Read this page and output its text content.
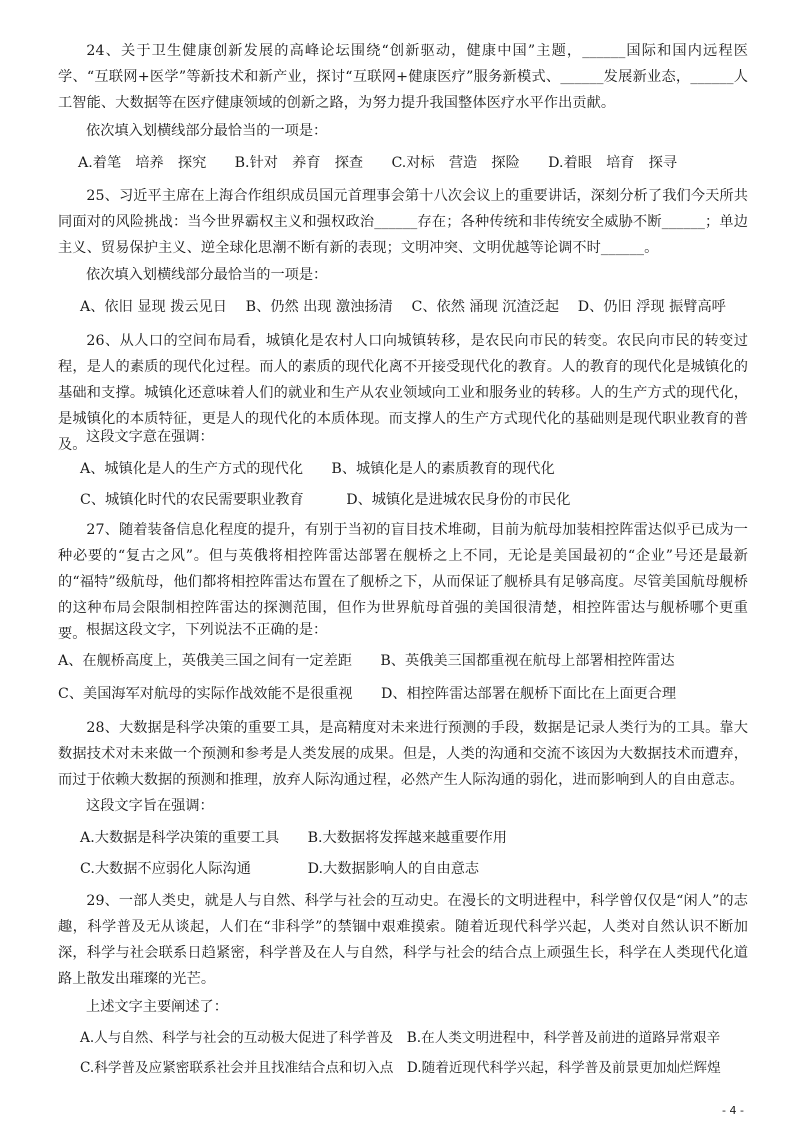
24、关于卫生健康创新发展的高峰论坛围绕“创新驱动，健康中国”主题，______国际和国内远程医学、“互联网+医学”等新技术和新产业，探讨“互联网+健康医疗”服务新模式、______发展新业态，______人工智能、大数据等在医疗健康领域的创新之路，为努力提升我国整体医疗水平作出贡献。

依次填入划横线部分最恰当的一项是：

A.着笔　培养　探究　　B.针对　养育　探查　　C.对标　营造　探险　　D.着眼　培育　探寻

25、习近平主席在上海合作组织成员国元首理事会第十八次会议上的重要讲话，深刻分析了我们今天所共同面对的风险挑战：当今世界霸权主义和强权政治______存在；各种传统和非传统安全威胁不断______；单边主义、贸易保护主义、逆全球化思潮不断有新的表现；文明冲突、文明优越等论调不时______。

依次填入划横线部分最恰当的一项是：

A、依旧 显现 拨云见日　 B、仍然 出现 激浊扬清　 C、依然 涌现 沉渣泛起　 D、仍旧 浮现 振臂高呼

26、从人口的空间布局看，城镇化是农村人口向城镇转移，是农民向市民的转变。农民向市民的转变过程，是人的素质的现代化过程。而人的素质的现代化离不开接受现代化的教育。人的教育的现代化是城镇化的基础和支撑。城镇化还意味着人们的就业和生产从农业领域向工业和服务业的转移。人的生产方式的现代化，是城镇化的本质特征，更是人的现代化的本质体现。而支撑人的生产方式现代化的基础则是现代职业教育的普及。 这段文字意在强调：

A、城镇化是人的生产方式的现代化　　B、城镇化是人的素质教育的现代化

C、城镇化时代的农民需要职业教育　　　D、城镇化是进城农民身份的市民化

27、随着装备信息化程度的提升，有别于当初的盲目技术堆砌，目前为航母加装相控阵雷达似乎已成为一种必要的“复古之风”。但与英俄将相控阵雷达部署在舰桥之上不同，无论是美国最初的“企业”号还是最新的“福特”级航母，他们都将相控阵雷达布置在了舰桥之下，从而保证了舰桥具有足够高度。尽管美国航母舰桥的这种布局会限制相控阵雷达的探测范围，但作为世界航母首强的美国很清楚，相控阵雷达与舰桥哪个更重要。 根据这段文字，下列说法不正确的是：

A、在舰桥高度上，英俄美三国之间有一定差距　　B、英俄美三国都重视在航母上部署相控阵雷达

C、美国海军对航母的实际作战效能不是很重视　　D、相控阵雷达部署在舰桥下面比在上面更合理

28、大数据是科学决策的重要工具，是高精度对未来进行预测的手段，数据是记录人类行为的工具。靠大数据技术对未来做一个预测和参考是人类发展的成果。但是，人类的沟通和交流不该因为大数据技术而遭弃，而过于依赖大数据的预测和推理，放弃人际沟通过程，必然产生人际沟通的弱化，进而影响到人的自由意志。

这段文字旨在强调：

A.大数据是科学决策的重要工具　　B.大数据将发挥越来越重要作用

C.大数据不应弱化人际沟通　　　　D.大数据影响人的自由意志

29、一部人类史，就是人与自然、科学与社会的互动史。在漫长的文明进程中，科学曾仅仅是“闲人”的志趣，科学普及无从谈起，人们在“非科学”的禁锢中艰难摸索。随着近现代科学兴起，人类对自然认识不断加深，科学与社会联系日趋紧密，科学普及在人与自然，科学与社会的结合点上顽强生长，科学在人类现代化道路上散发出璀璨的光芒。

上述文字主要阐述了：

A.人与自然、科学与社会的互动极大促进了科学普及　B.在人类文明进程中，科学普及前进的道路异常艰辛

C.科学普及应紧密联系社会并且找准结合点和切入点　D.随着近现代科学兴起，科学普及前景更加灿烂辉煌

- 4 -
